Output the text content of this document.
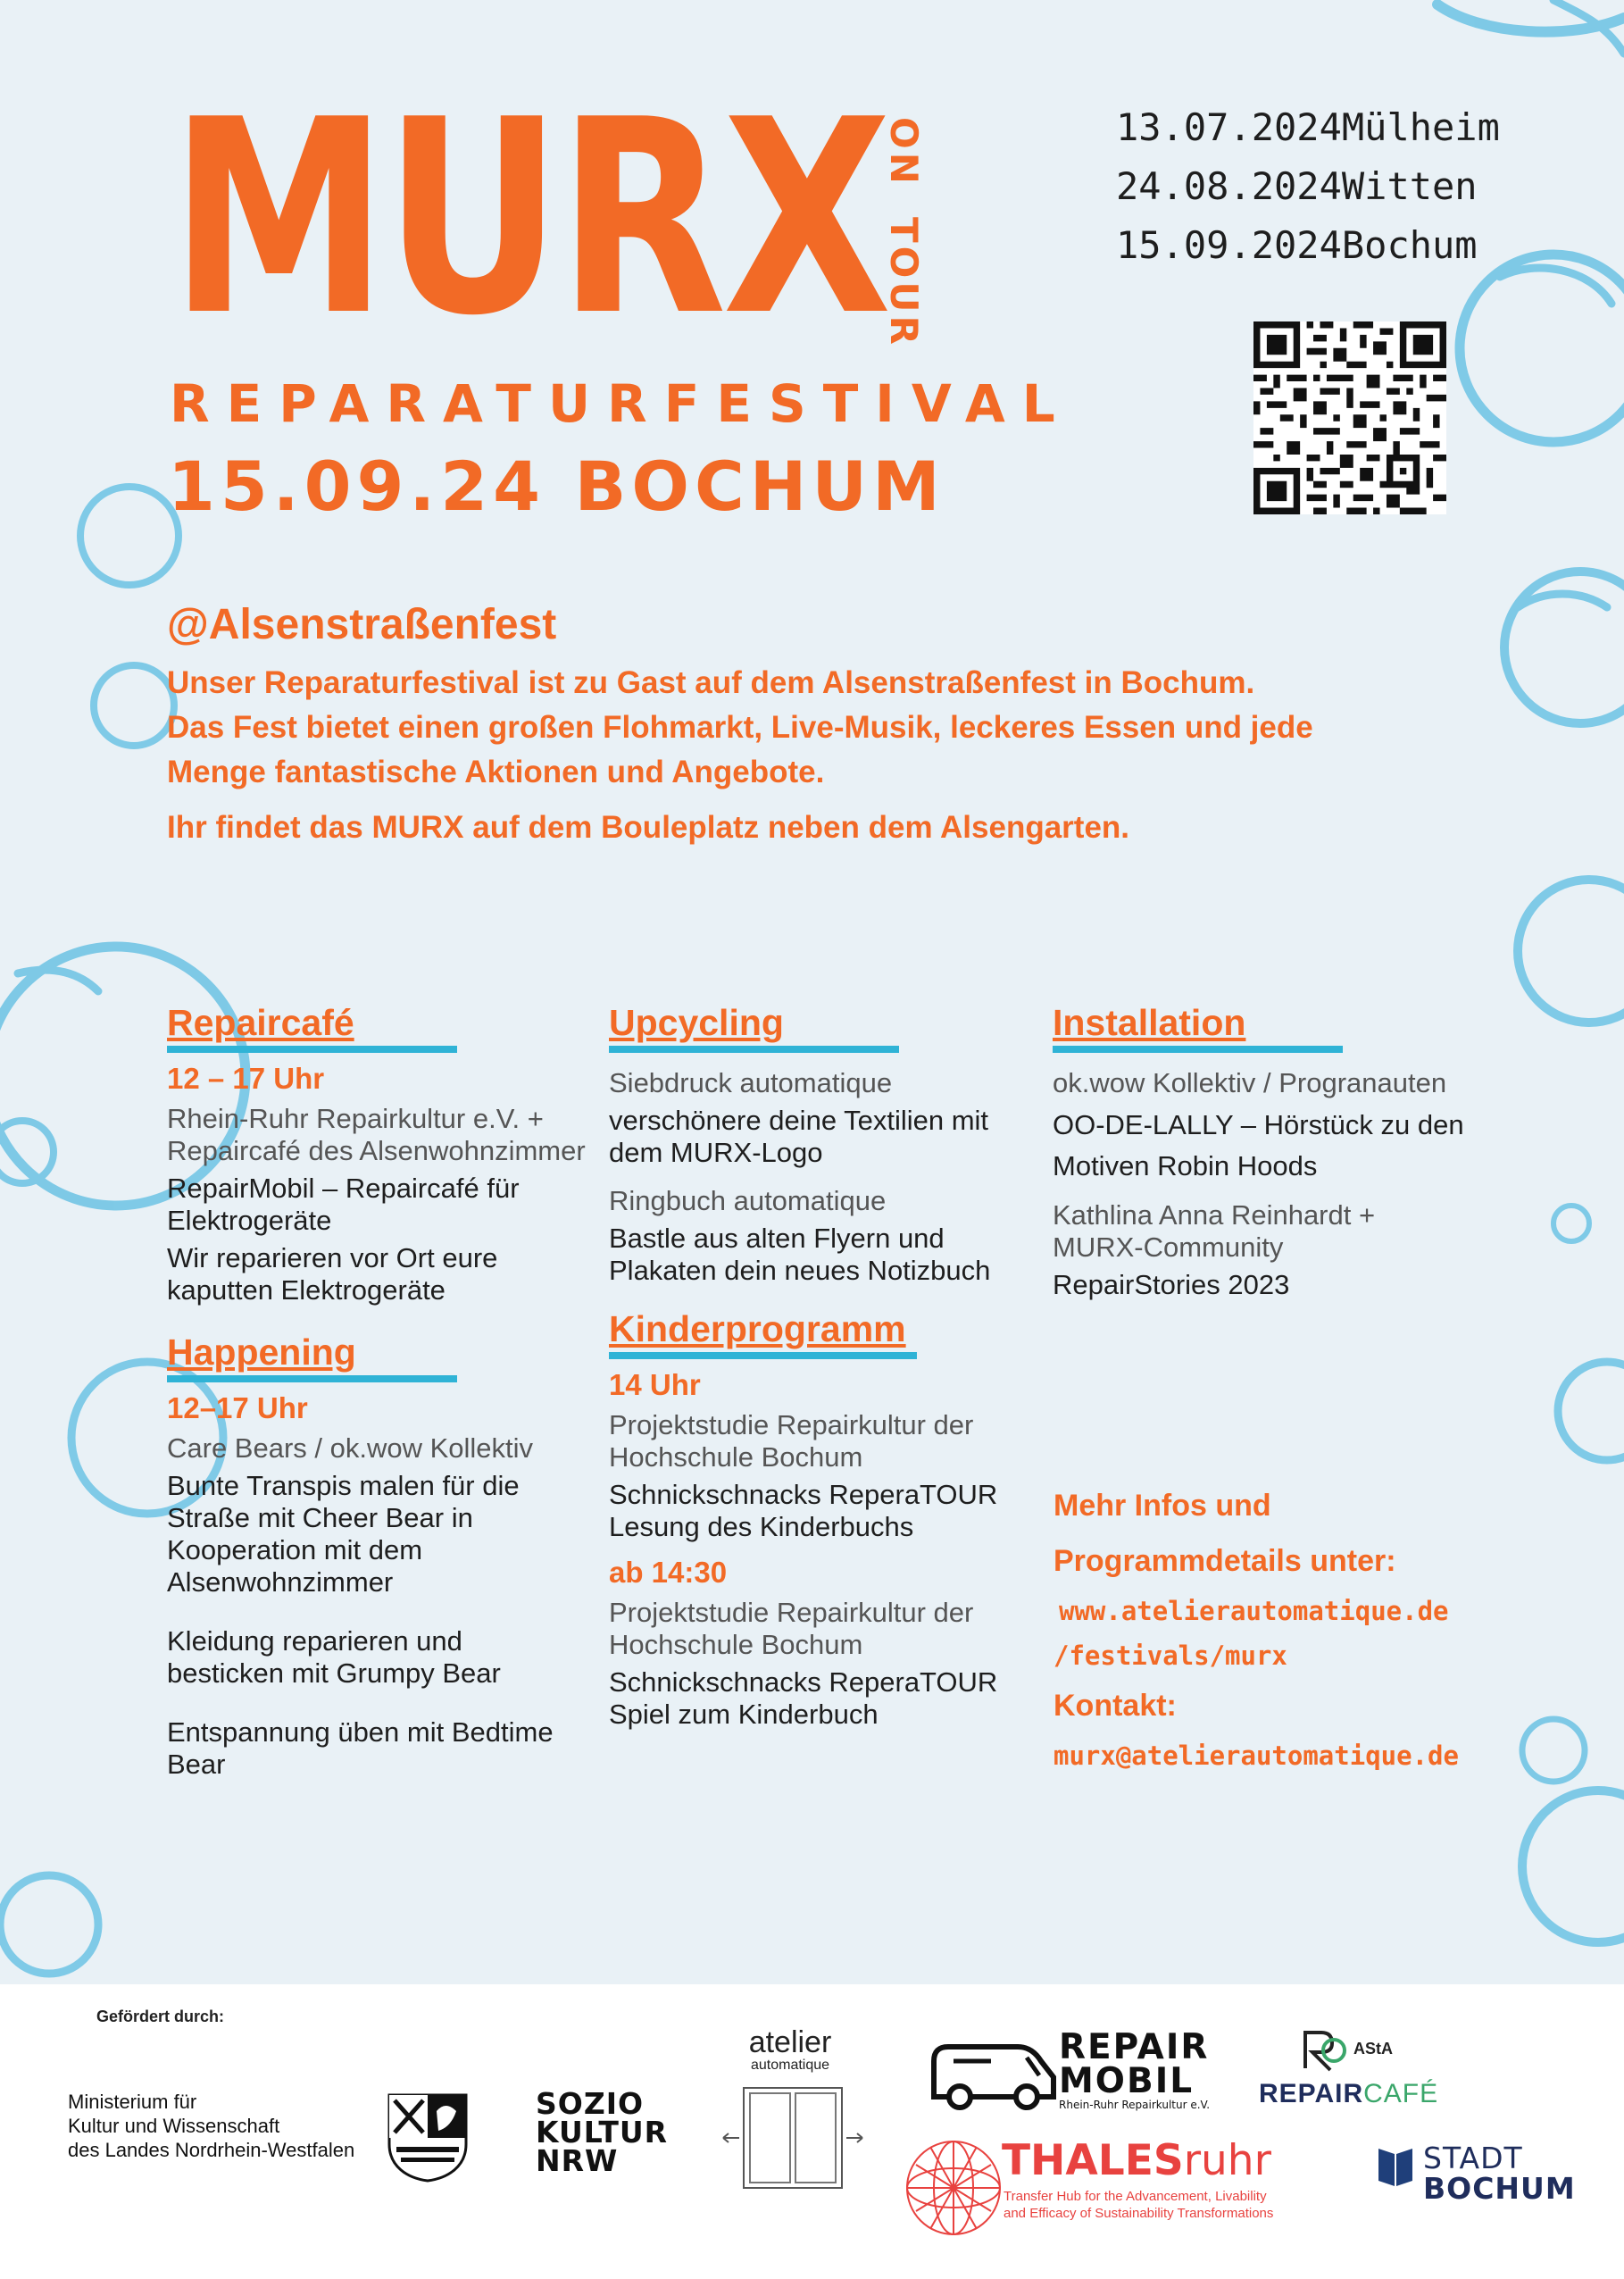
MURX
ON
TOUR
REPARATURFESTIVAL
15.09.24 BOCHUM
13.07.2024 Mülheim
24.08.2024 Witten
15.09.2024 Bochum
@Alsenstraßenfest

Unser Reparaturfestival ist zu Gast auf dem Alsenstraßenfest in Bochum.

Das Fest bietet einen großen Flohmarkt, Live-Musik, leckeres Essen und jede

Menge fantastische Aktionen und Angebote.

Ihr findet das MURX auf dem Bouleplatz neben dem Alsengarten.

Repaircafé
12 – 17 Uhr
Rhein-Ruhr Repairkultur e.V. + Repaircafé des Alsenwohnzimmer
RepairMobil – Repaircafé für Elektrogeräte
Wir reparieren vor Ort eure kaputten Elektrogeräte
Happening
12–17 Uhr
Care Bears / ok.wow Kollektiv
Bunte Transpis malen für die Straße mit Cheer Bear in Kooperation mit dem Alsenwohnzimmer
Kleidung reparieren und besticken mit Grumpy Bear
Entspannung üben mit Bedtime Bear
Upcycling
Siebdruck automatique
verschönere deine Textilien mit dem MURX-Logo
Ringbuch automatique
Bastle aus alten Flyern und Plakaten dein neues Notizbuch
Kinderprogramm
14 Uhr
Projektstudie Repairkultur der Hochschule Bochum
Schnickschnacks ReperaTOUR Lesung des Kinderbuchs
ab 14:30
Projektstudie Repairkultur der Hochschule Bochum
Schnickschnacks ReperaTOUR Spiel zum Kinderbuch
Installation
ok.wow Kollektiv / Progranauten
OO-DE-LALLY – Hörstück zu den Motiven Robin Hoods
Kathlina Anna Reinhardt + MURX-Community
RepairStories 2023
Mehr Infos und
Programmdetails unter:
www.atelierautomatique.de
/festivals/murx
Kontakt:
murx@atelierautomatique.de
Gefördert durch:
Ministerium für
Kultur und Wissenschaft
des Landes Nordrhein-Westfalen
SOZIO
KULTUR
NRW
atelier
automatique	REPAIR
MOBIL
Rhein-Ruhr Repairkultur e.V.
AStA
REPAIRCAFÉ
THALESruhr
Transfer Hub for the Advancement, Livability
and Efficacy of Sustainability Transformations
STADT
BOCHUM
